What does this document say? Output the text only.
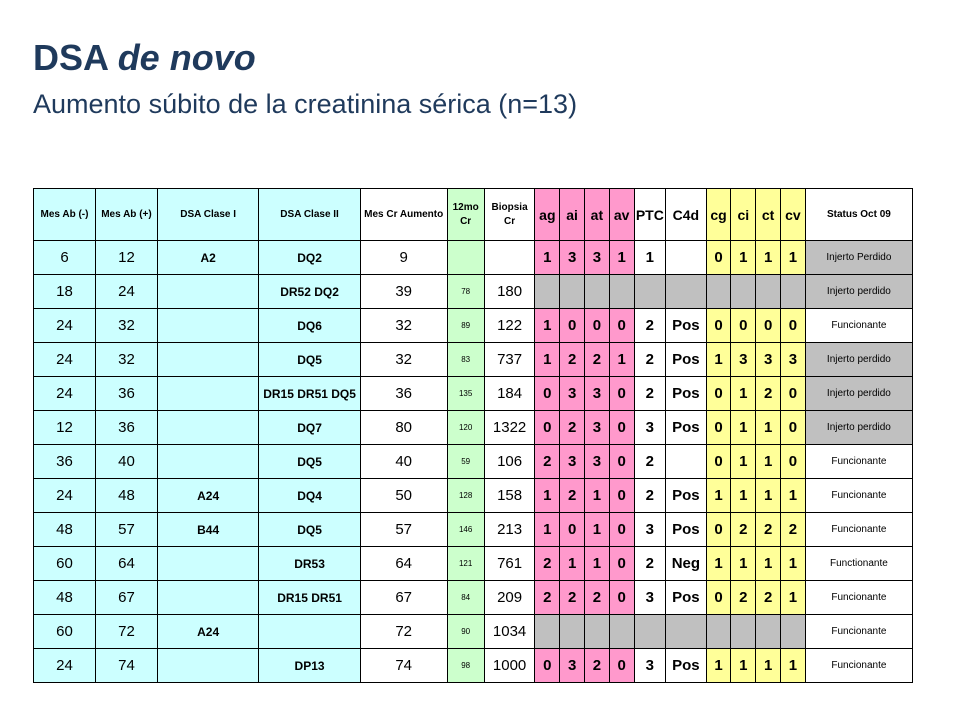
DSA de novo
Aumento súbito de la creatinina sérica (n=13)
Mes Ab (-)	Mes Ab (+)	DSA Clase I	DSA Clase II	Mes Cr Aumento	12mo Cr	Biopsia Cr	ag	ai	at	av	PTC	C4d	cg	ci	ct	cv	Status Oct 09
6	12	A2	DQ2	9			1	3	3	1	1		0	1	1	1	Injerto Perdido
18	24		DR52 DQ2	39	78	180											Injerto perdido
24	32		DQ6	32	89	122	1	0	0	0	2	Pos	0	0	0	0	Funcionante
24	32		DQ5	32	83	737	1	2	2	1	2	Pos	1	3	3	3	Injerto perdido
24	36		DR15 DR51 DQ5	36	135	184	0	3	3	0	2	Pos	0	1	2	0	Injerto perdido
12	36		DQ7	80	120	1322	0	2	3	0	3	Pos	0	1	1	0	Injerto perdido
36	40		DQ5	40	59	106	2	3	3	0	2		0	1	1	0	Funcionante
24	48	A24	DQ4	50	128	158	1	2	1	0	2	Pos	1	1	1	1	Funcionante
48	57	B44	DQ5	57	146	213	1	0	1	0	3	Pos	0	2	2	2	Funcionante
60	64		DR53	64	121	761	2	1	1	0	2	Neg	1	1	1	1	Functionante
48	67		DR15 DR51	67	84	209	2	2	2	0	3	Pos	0	2	2	1	Funcionante
60	72	A24		72	90	1034											Funcionante
24	74		DP13	74	98	1000	0	3	2	0	3	Pos	1	1	1	1	Funcionante
